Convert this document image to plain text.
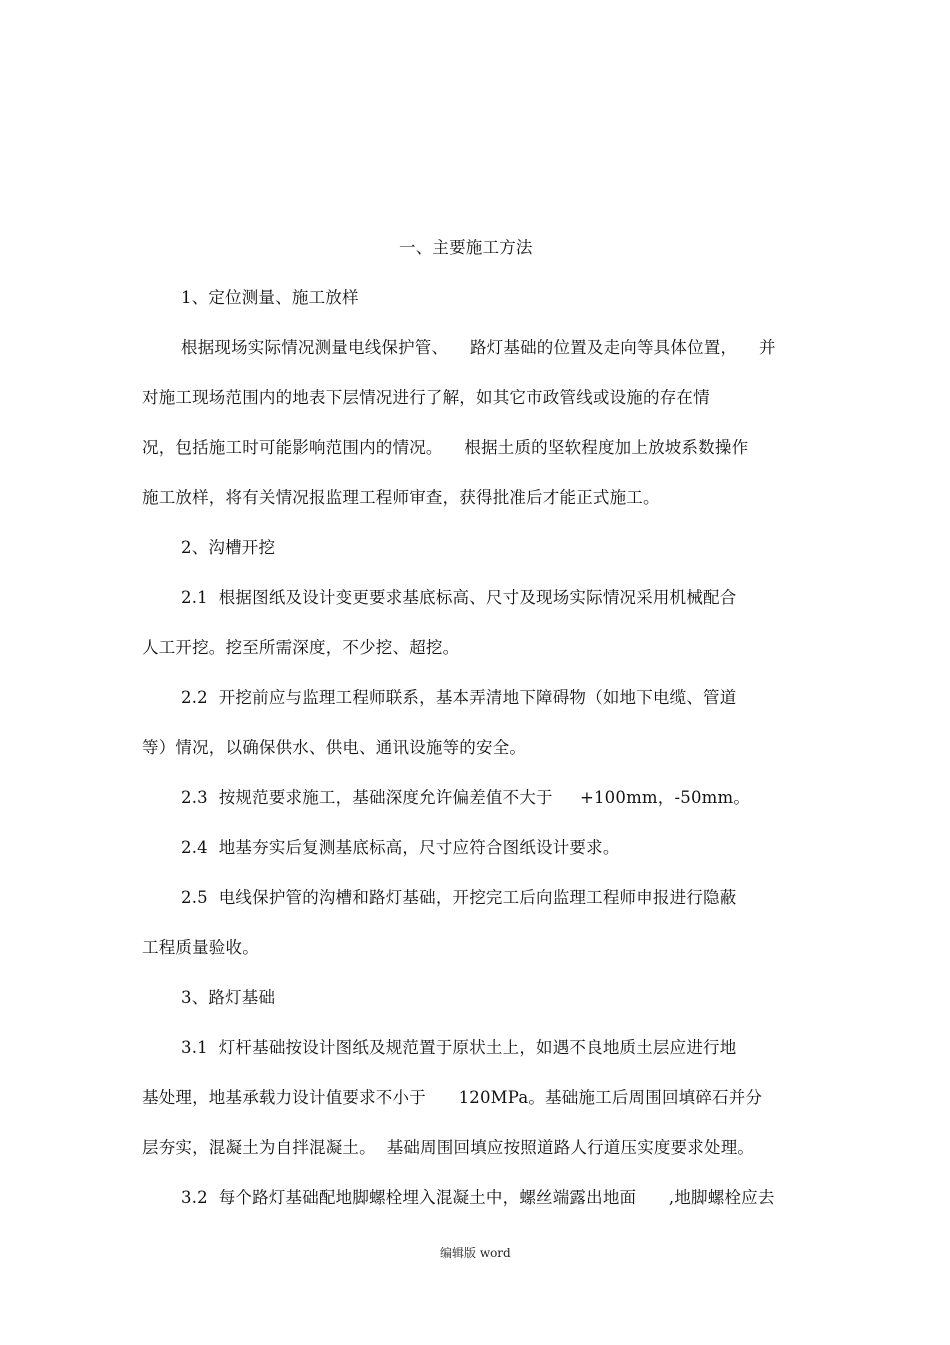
一、主要施工方法
1、定位测量、施工放样
根据现场实际情况测量电线保护管、    路灯基础的位置及走向等具体位置，    并
对施工现场范围内的地表下层情况进行了解，如其它市政管线或设施的存在情
况，包括施工时可能影响范围内的情况。    根据土质的坚软程度加上放坡系数操作
施工放样，将有关情况报监理工程师审查，获得批准后才能正式施工。
2、沟槽开挖
2.1  根据图纸及设计变更要求基底标高、尺寸及现场实际情况采用机械配合
人工开挖。挖至所需深度，不少挖、超挖。
2.2  开挖前应与监理工程师联系，基本弄清地下障碍物（如地下电缆、管道
等）情况，以确保供水、供电、通讯设施等的安全。
2.3  按规范要求施工，基础深度允许偏差值不大于     +100mm，-50mm。
2.4  地基夯实后复测基底标高，尺寸应符合图纸设计要求。
2.5  电线保护管的沟槽和路灯基础，开挖完工后向监理工程师申报进行隐蔽
工程质量验收。
3、路灯基础
3.1  灯杆基础按设计图纸及规范置于原状土上，如遇不良地质土层应进行地
基处理，地基承载力设计值要求不小于      120MPa。基础施工后周围回填碎石并分
层夯实，混凝土为自拌混凝土。  基础周围回填应按照道路人行道压实度要求处理。
3.2  每个路灯基础配地脚螺栓埋入混凝土中，螺丝端露出地面      ,地脚螺栓应去
编辑版 word
